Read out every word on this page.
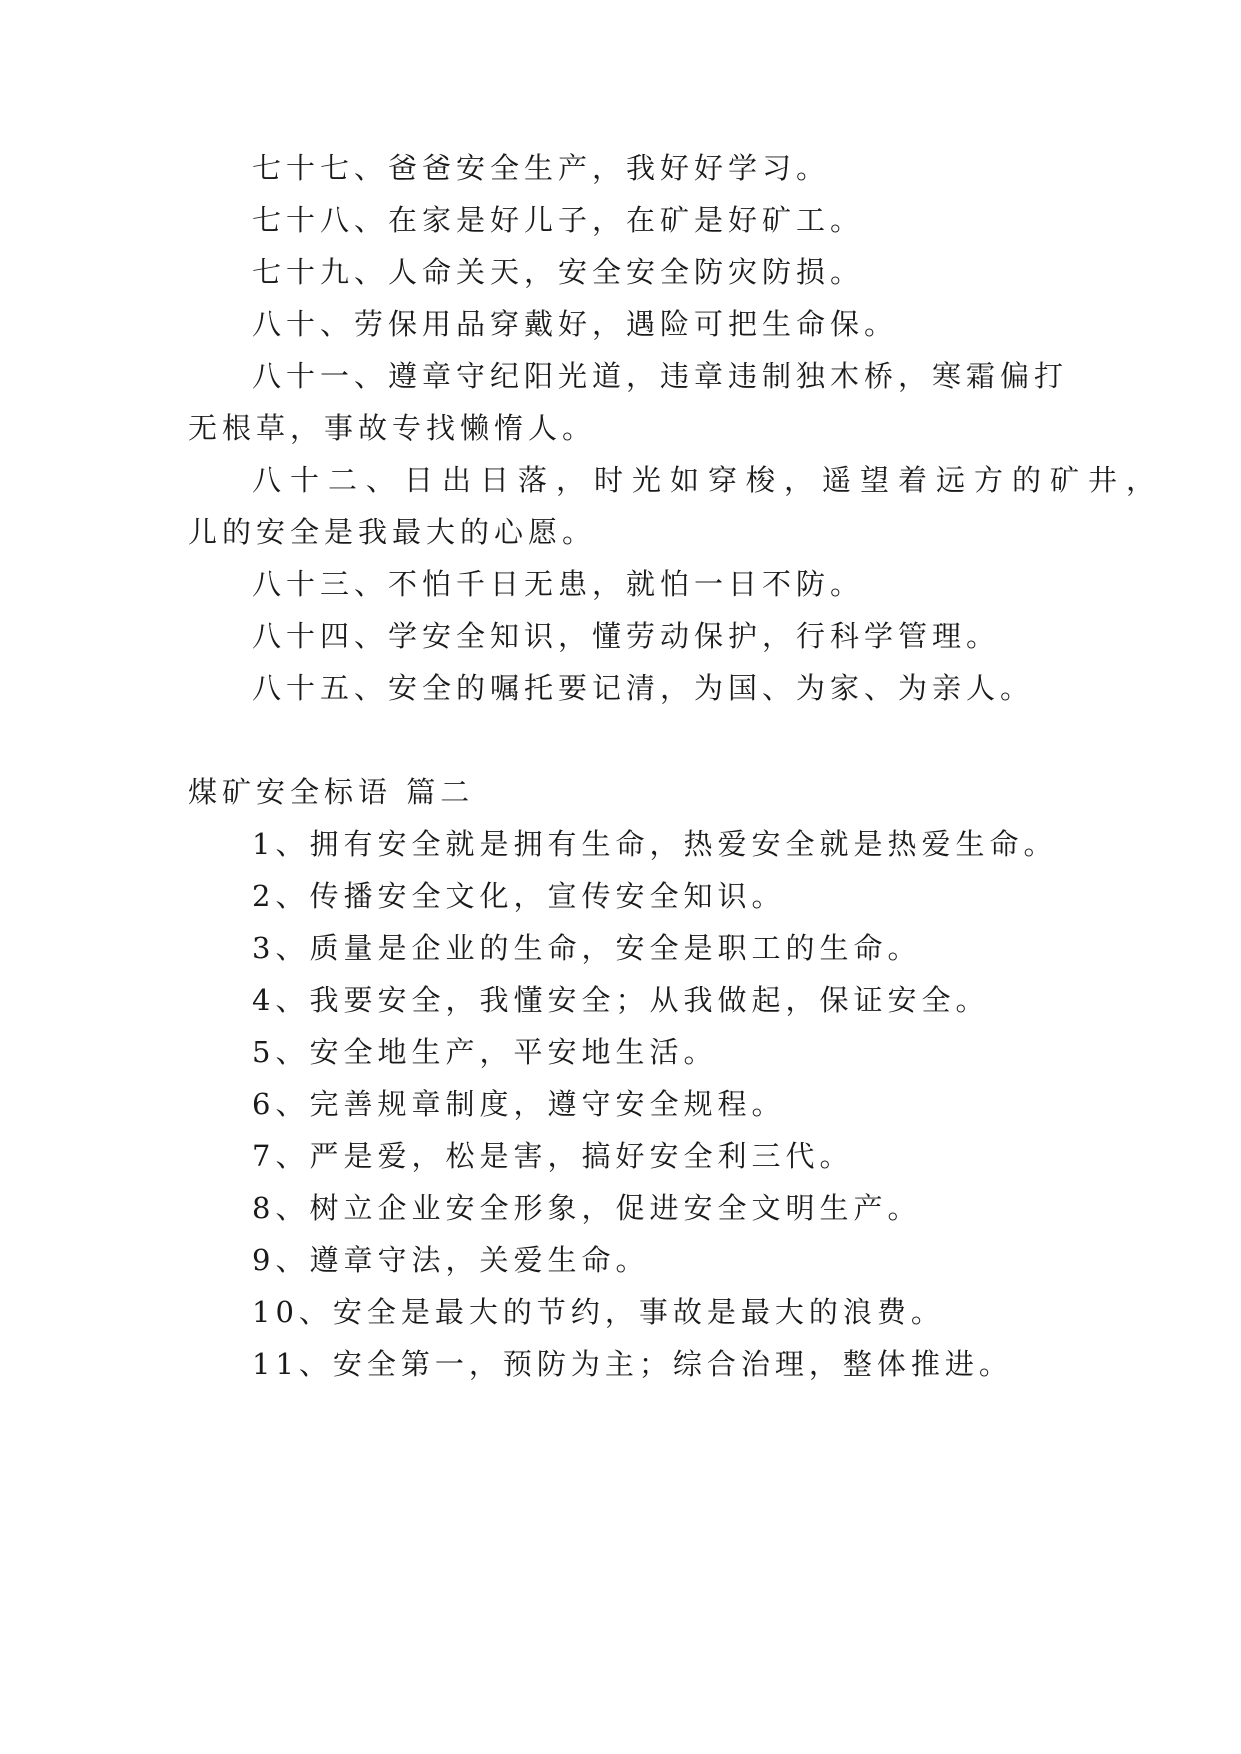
七十七、爸爸安全生产，我好好学习。
七十八、在家是好儿子，在矿是好矿工。
七十九、人命关天，安全安全防灾防损。
八十、劳保用品穿戴好，遇险可把生命保。
八十一、遵章守纪阳光道，违章违制独木桥，寒霜偏打
无根草，事故专找懒惰人。
八十二、日出日落，时光如穿梭，遥望着远方的矿井，
儿的安全是我最大的心愿。
八十三、不怕千日无患，就怕一日不防。
八十四、学安全知识，懂劳动保护，行科学管理。
八十五、安全的嘱托要记清，为国、为家、为亲人。
煤矿安全标语 篇二
1、拥有安全就是拥有生命，热爱安全就是热爱生命。
2、传播安全文化，宣传安全知识。
3、质量是企业的生命，安全是职工的生命。
4、我要安全，我懂安全；从我做起，保证安全。
5、安全地生产，平安地生活。
6、完善规章制度，遵守安全规程。
7、严是爱，松是害，搞好安全利三代。
8、树立企业安全形象，促进安全文明生产。
9、遵章守法，关爱生命。
10、安全是最大的节约，事故是最大的浪费。
11、安全第一，预防为主；综合治理，整体推进。
